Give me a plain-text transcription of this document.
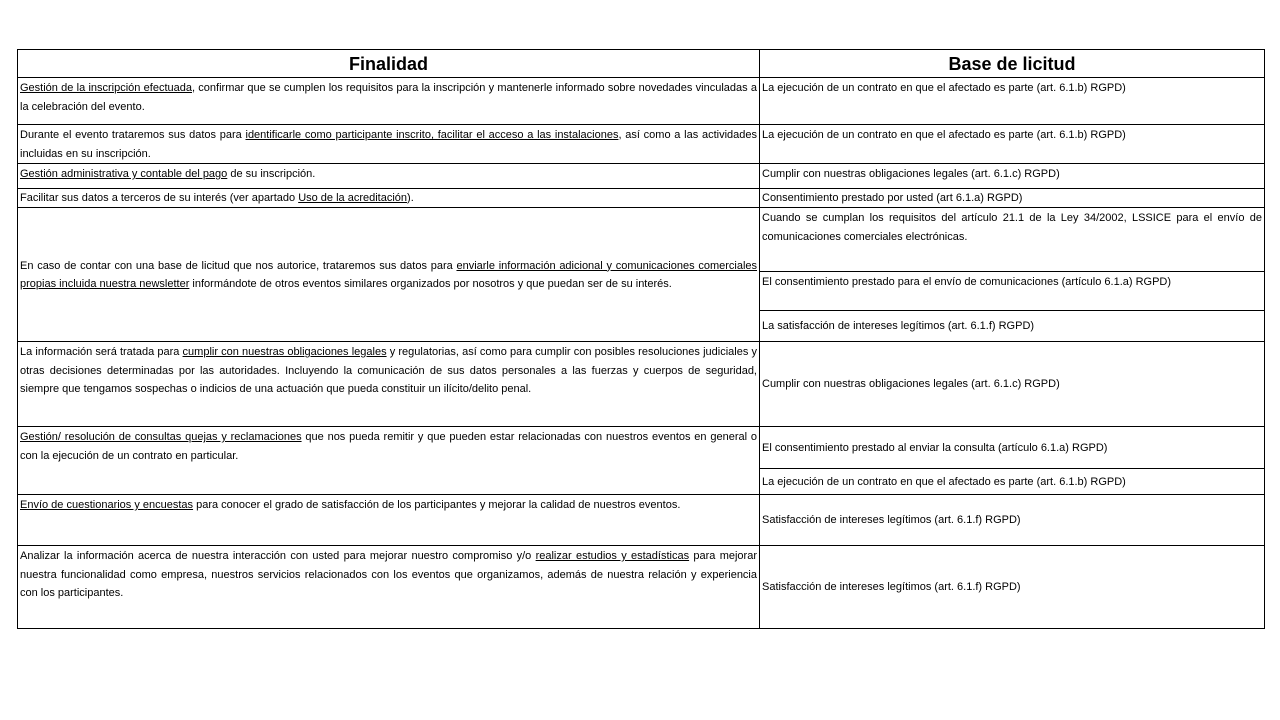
Finalidad	Base de licitud
Gestión de la inscripción efectuada, confirmar que se cumplen los requisitos para la inscripción y mantenerle informado sobre novedades vinculadas a la celebración del evento.	La ejecución de un contrato en que el afectado es parte (art. 6.1.b) RGPD)
Durante el evento trataremos sus datos para identificarle como participante inscrito, facilitar el acceso a las instalaciones, así como a las actividades incluidas en su inscripción.	La ejecución de un contrato en que el afectado es parte (art. 6.1.b) RGPD)
Gestión administrativa y contable del pago de su inscripción.	Cumplir con nuestras obligaciones legales (art. 6.1.c) RGPD)
Facilitar sus datos a terceros de su interés (ver apartado Uso de la acreditación).	Consentimiento prestado por usted (art 6.1.a) RGPD)
En caso de contar con una base de licitud que nos autorice, trataremos sus datos para enviarle información adicional y comunicaciones comerciales propias incluida nuestra newsletter informándote de otros eventos similares organizados por nosotros y que puedan ser de su interés.	Cuando se cumplan los requisitos del artículo 21.1 de la Ley 34/2002, LSSICE para el envío de comunicaciones comerciales electrónicas.
	El consentimiento prestado para el envío de comunicaciones (artículo 6.1.a) RGPD)
	La satisfacción de intereses legítimos (art. 6.1.f) RGPD)
La información será tratada para cumplir con nuestras obligaciones legales y regulatorias, así como para cumplir con posibles resoluciones judiciales y otras decisiones determinadas por las autoridades. Incluyendo la comunicación de sus datos personales a las fuerzas y cuerpos de seguridad, siempre que tengamos sospechas o indicios de una actuación que pueda constituir un ilícito/delito penal.	Cumplir con nuestras obligaciones legales (art. 6.1.c) RGPD)
Gestión/ resolución de consultas quejas y reclamaciones que nos pueda remitir y que pueden estar relacionadas con nuestros eventos en general o con la ejecución de un contrato en particular.	El consentimiento prestado al enviar la consulta (artículo 6.1.a) RGPD)
	La ejecución de un contrato en que el afectado es parte (art. 6.1.b) RGPD)
Envío de cuestionarios y encuestas para conocer el grado de satisfacción de los participantes y mejorar la calidad de nuestros eventos.	Satisfacción de intereses legítimos (art. 6.1.f) RGPD)
Analizar la información acerca de nuestra interacción con usted para mejorar nuestro compromiso y/o realizar estudios y estadísticas para mejorar nuestra funcionalidad como empresa, nuestros servicios relacionados con los eventos que organizamos, además de nuestra relación y experiencia con los participantes.	Satisfacción de intereses legítimos (art. 6.1.f) RGPD)
